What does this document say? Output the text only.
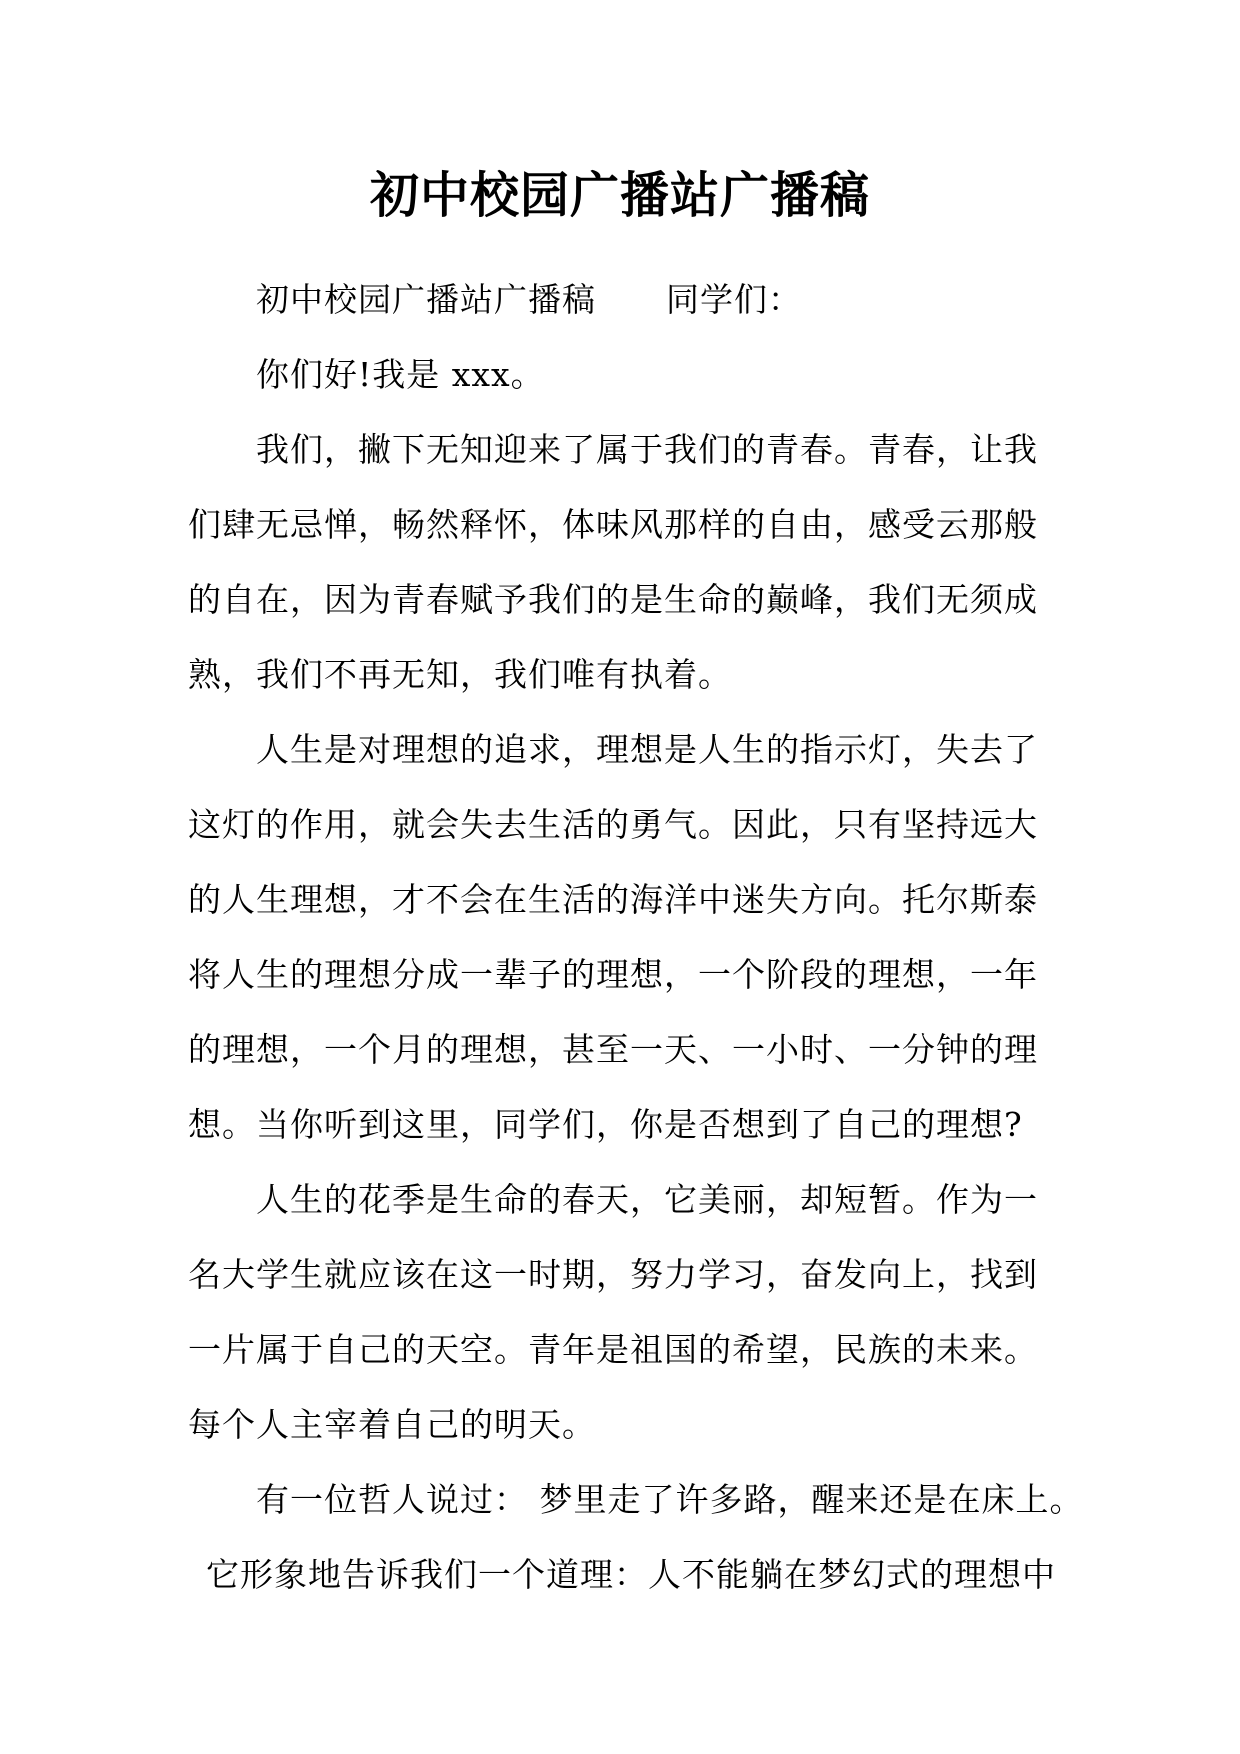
初中校园广播站广播稿
初中校园广播站广播稿 同学们：
你们好!我是 xxx。
我们，撇下无知迎来了属于我们的青春。青春，让我
们肆无忌惮，畅然释怀，体味风那样的自由，感受云那般
的自在，因为青春赋予我们的是生命的巅峰，我们无须成
熟，我们不再无知，我们唯有执着。
人生是对理想的追求，理想是人生的指示灯，失去了
这灯的作用，就会失去生活的勇气。因此，只有坚持远大
的人生理想，才不会在生活的海洋中迷失方向。托尔斯泰
将人生的理想分成一辈子的理想，一个阶段的理想，一年
的理想，一个月的理想，甚至一天、一小时、一分钟的理
想。当你听到这里，同学们，你是否想到了自己的理想?
人生的花季是生命的春天，它美丽，却短暂。作为一
名大学生就应该在这一时期，努力学习，奋发向上，找到
一片属于自己的天空。青年是祖国的希望，民族的未来。
每个人主宰着自己的明天。
有一位哲人说过： 梦里走了许多路，醒来还是在床上。
它形象地告诉我们一个道理：人不能躺在梦幻式的理想中
